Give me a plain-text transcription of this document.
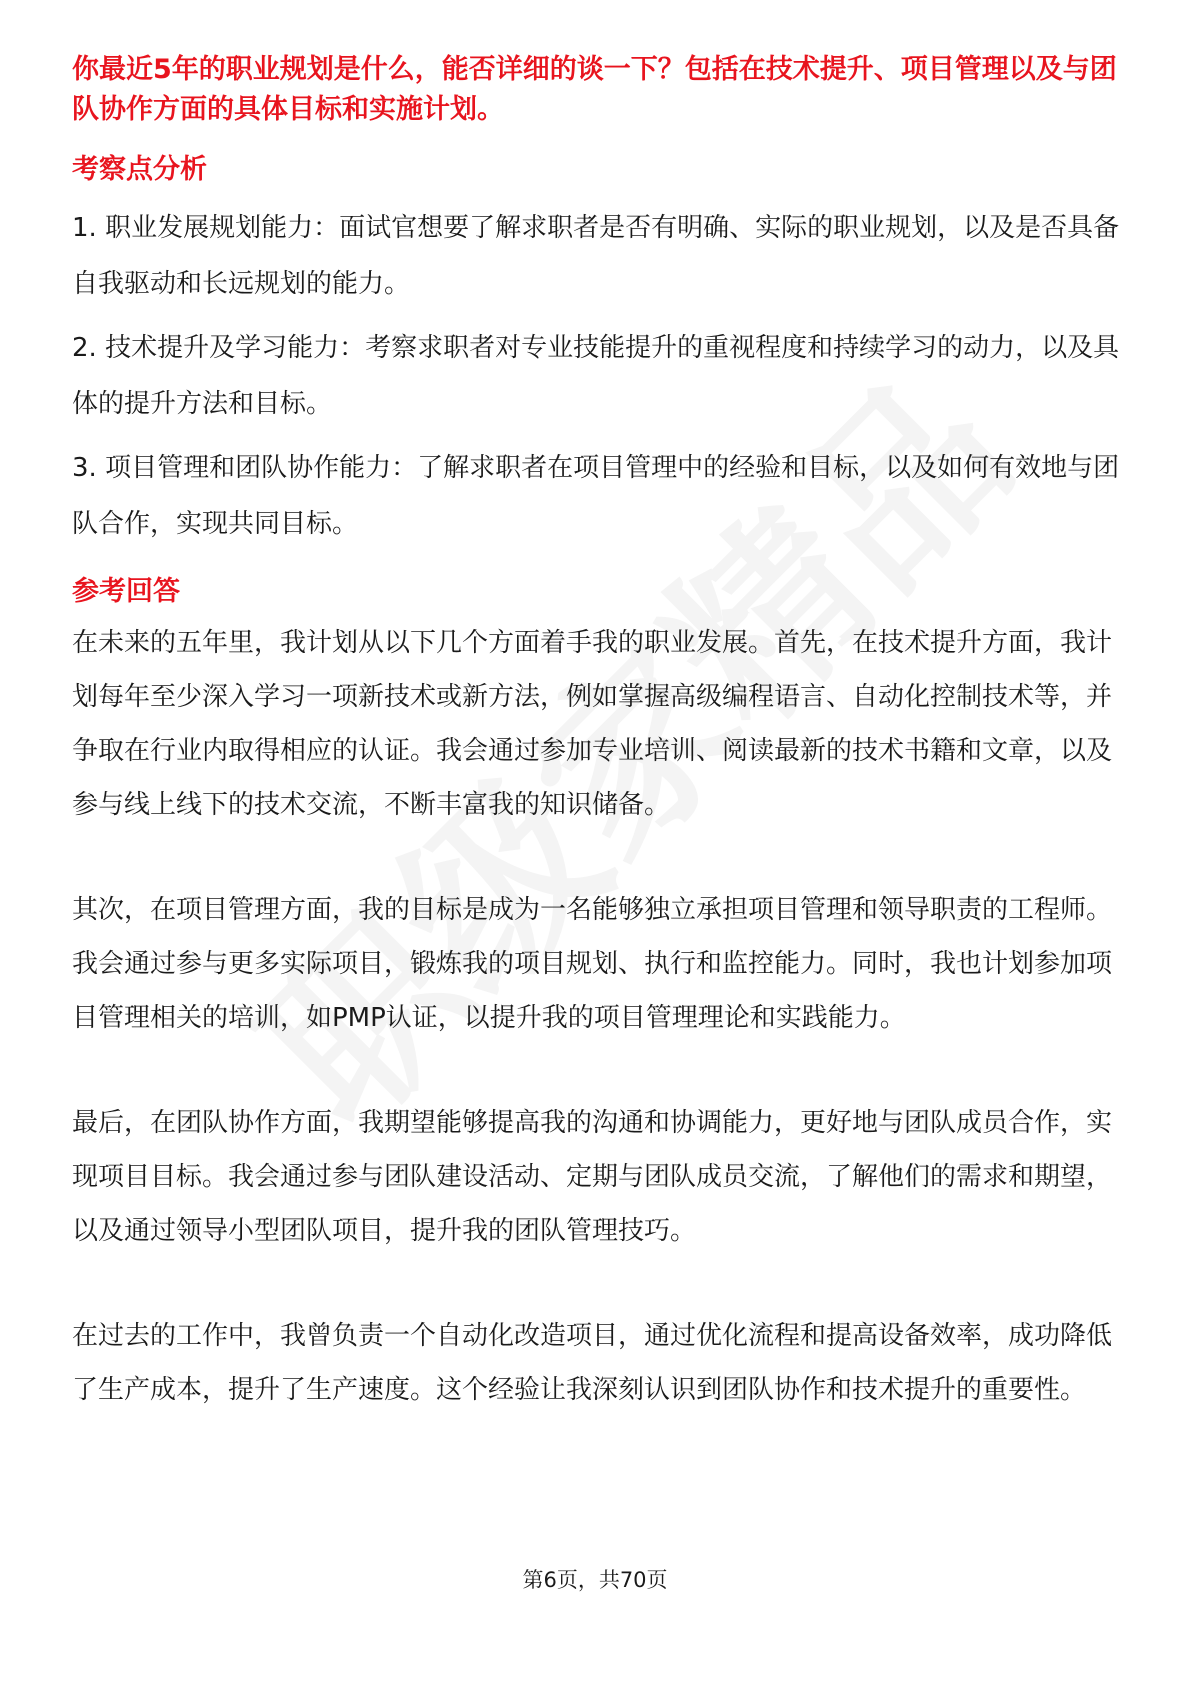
你最近5年的职业规划是什么，能否详细的谈一下？包括在技术提升、项目管理以及与团队协作方面的具体目标和实施计划。

考察点分析
1. 职业发展规划能力：面试官想要了解求职者是否有明确、实际的职业规划，以及是否具备自我驱动和长远规划的能力。
2. 技术提升及学习能力：考察求职者对专业技能提升的重视程度和持续学习的动力，以及具体的提升方法和目标。
3. 项目管理和团队协作能力：了解求职者在项目管理中的经验和目标，以及如何有效地与团队合作，实现共同目标。
参考回答

在未来的五年里，我计划从以下几个方面着手我的职业发展。首先，在技术提升方面，我计划每年至少深入学习一项新技术或新方法，例如掌握高级编程语言、自动化控制技术等，并争取在行业内取得相应的认证。我会通过参加专业培训、阅读最新的技术书籍和文章，以及参与线上线下的技术交流，不断丰富我的知识储备。

其次，在项目管理方面，我的目标是成为一名能够独立承担项目管理和领导职责的工程师。我会通过参与更多实际项目，锻炼我的项目规划、执行和监控能力。同时，我也计划参加项目管理相关的培训，如PMP认证，以提升我的项目管理理论和实践能力。

最后，在团队协作方面，我期望能够提高我的沟通和协调能力，更好地与团队成员合作，实现项目目标。我会通过参与团队建设活动、定期与团队成员交流，了解他们的需求和期望，以及通过领导小型团队项目，提升我的团队管理技巧。

在过去的工作中，我曾负责一个自动化改造项目，通过优化流程和提高设备效率，成功降低了生产成本，提升了生产速度。这个经验让我深刻认识到团队协作和技术提升的重要性。

第6页，共70页
